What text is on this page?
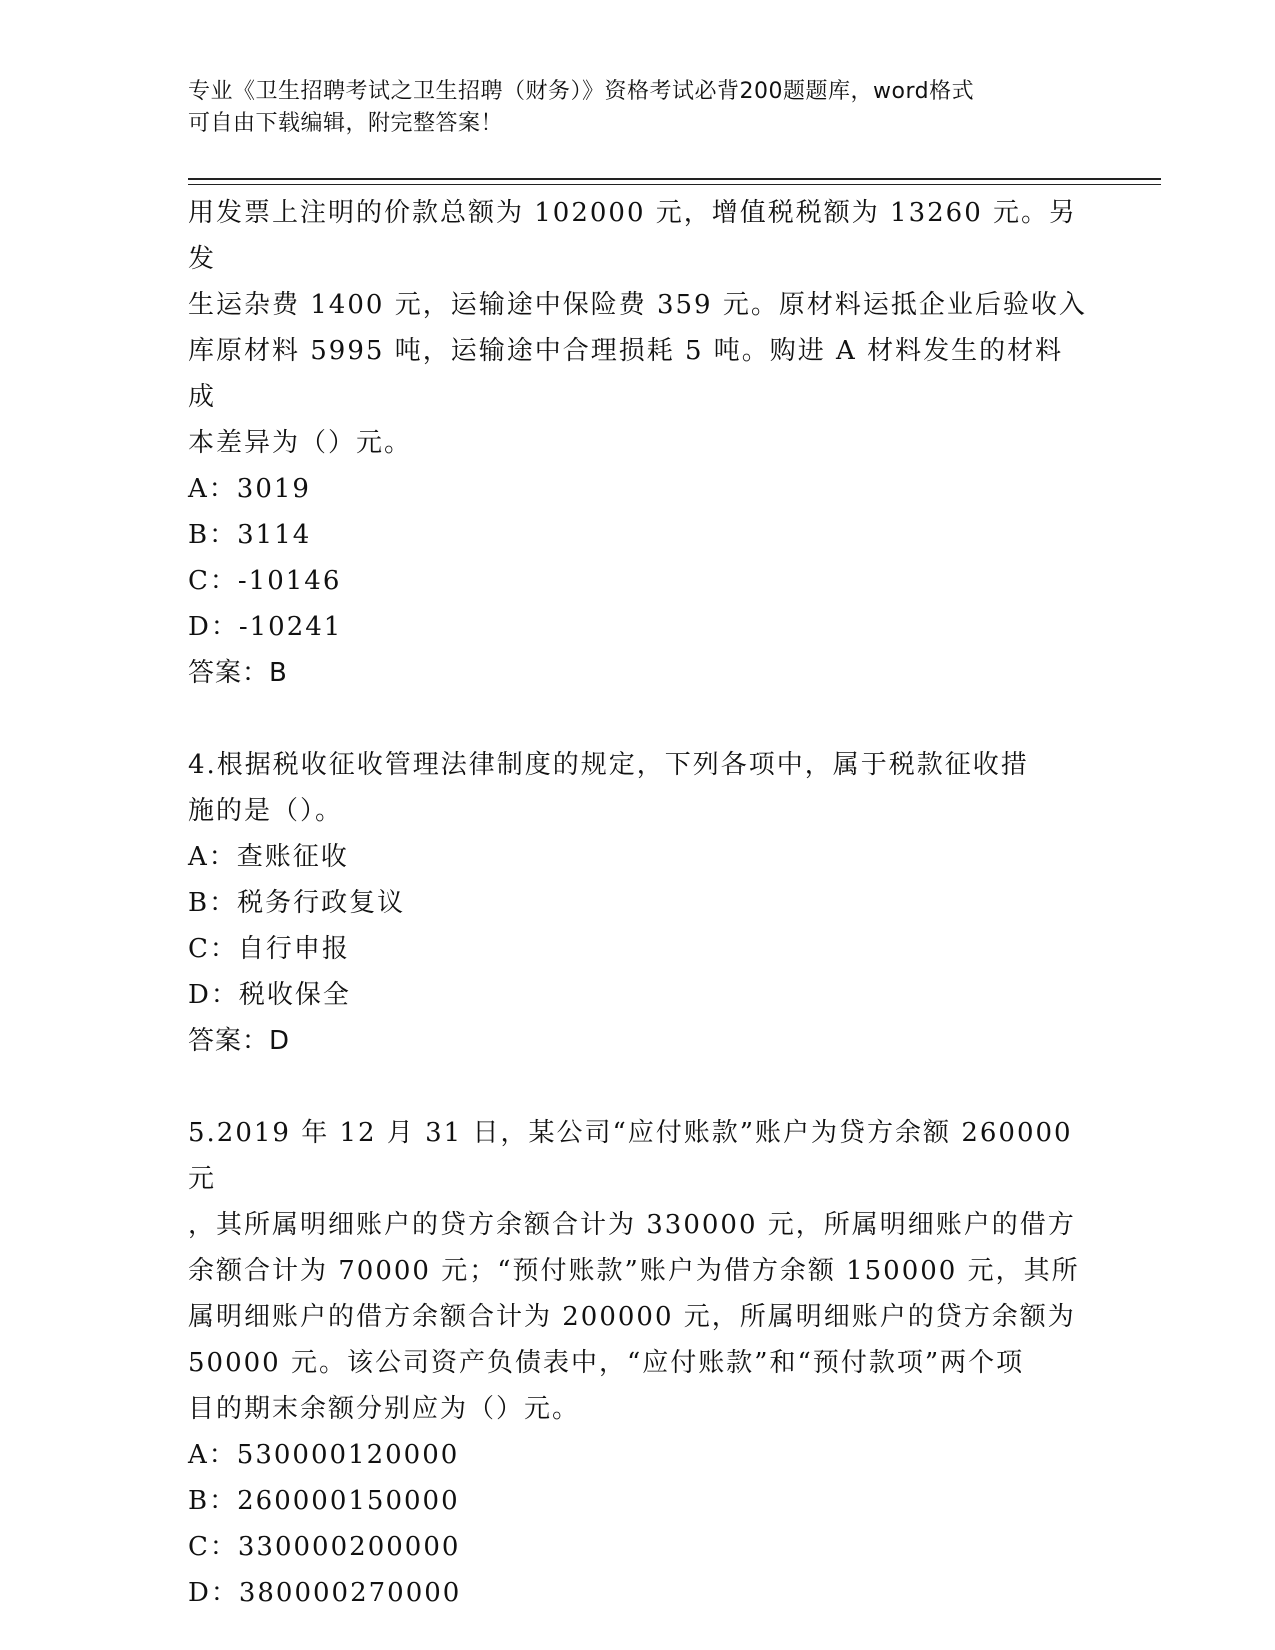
专业《卫生招聘考试之卫生招聘（财务）》资格考试必背200题题库，word格式
可自由下载编辑，附完整答案！
用发票上注明的价款总额为 102000 元，增值税税额为 13260 元。另发
生运杂费 1400 元，运输途中保险费 359 元。原材料运抵企业后验收入
库原材料 5995 吨，运输途中合理损耗 5 吨。购进 A 材料发生的材料成
本差异为（）元。
A：3019
B：3114
C：-10146
D：-10241
答案：B
4.根据税收征收管理法律制度的规定，下列各项中，属于税款征收措
施的是（）。
A：查账征收
B：税务行政复议
C：自行申报
D：税收保全
答案：D
5.2019 年 12 月 31 日，某公司“应付账款”账户为贷方余额 260000 元
，其所属明细账户的贷方余额合计为 330000 元，所属明细账户的借方
余额合计为 70000 元；“预付账款”账户为借方余额 150000 元，其所
属明细账户的借方余额合计为 200000 元，所属明细账户的贷方余额为
50000 元。该公司资产负债表中，“应付账款”和“预付款项”两个项
目的期末余额分别应为（）元。
A：530000120000
B：260000150000
C：330000200000
D：380000270000
